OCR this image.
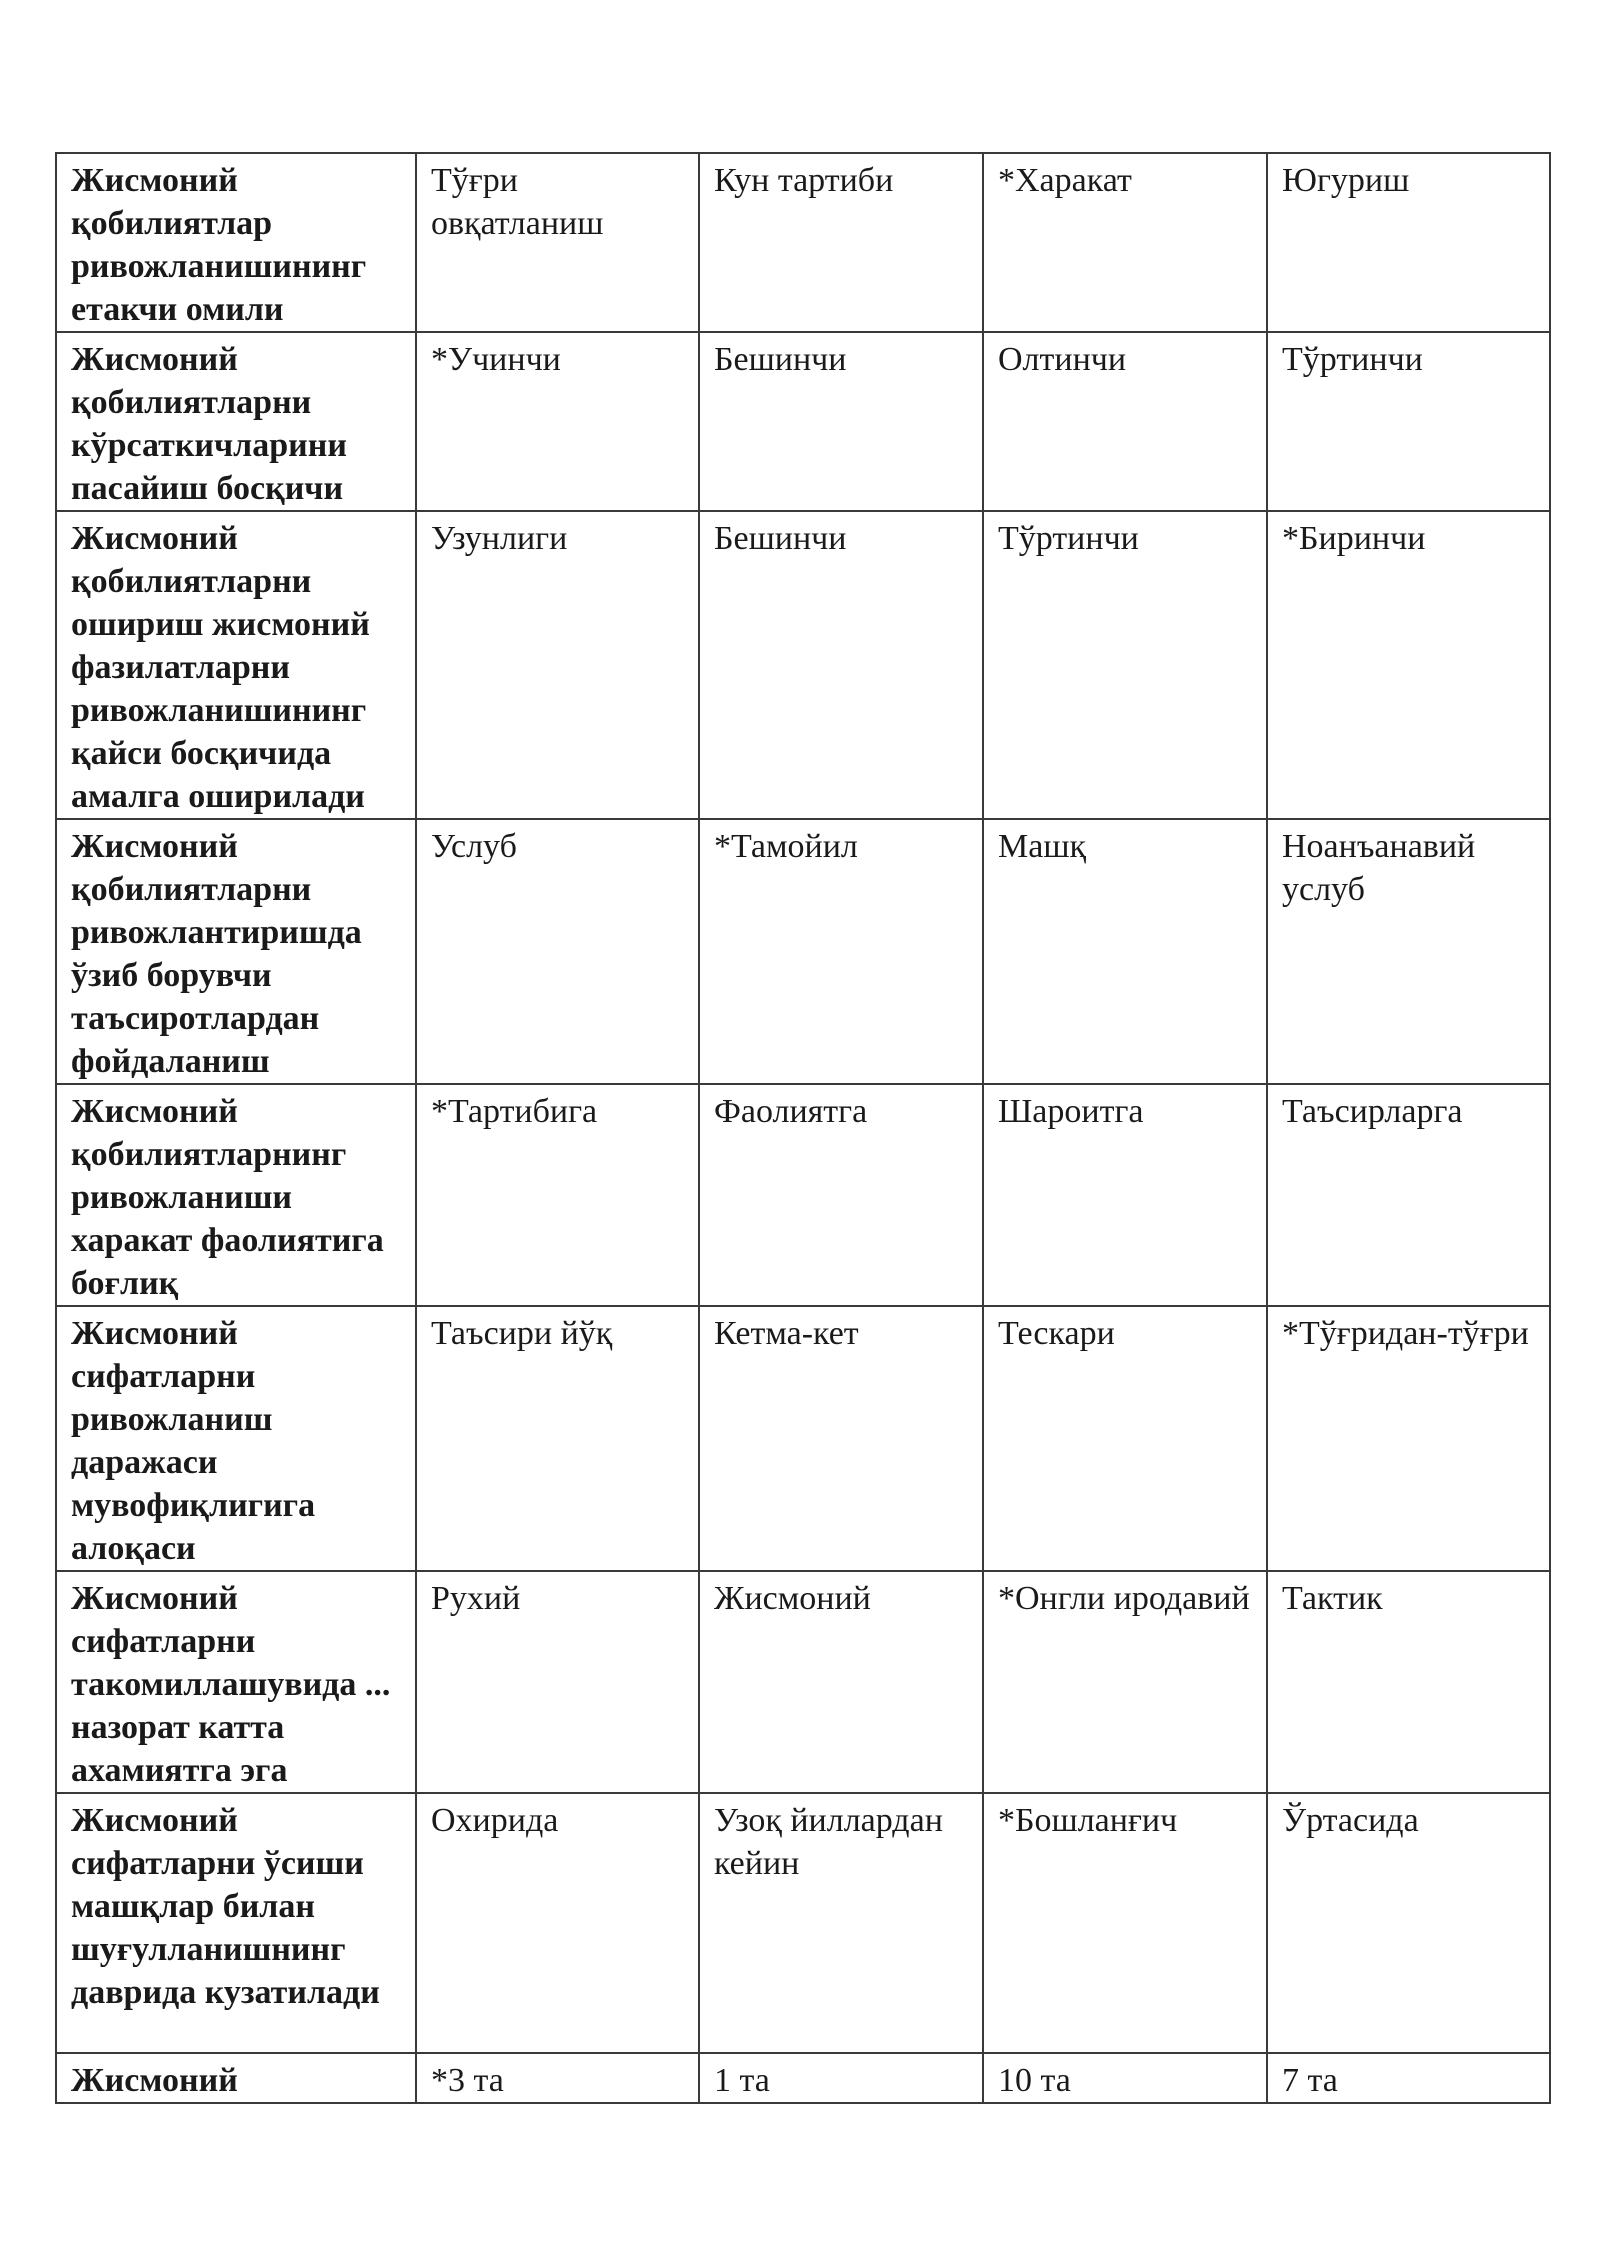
Жисмоний қобилиятлар ривожланишининг етакчи омили	Тўғри овқатланиш	Кун тартиби	*Харакат	Югуриш
Жисмоний қобилиятларни кўрсаткичларини пасайиш босқичи	*Учинчи	Бешинчи	Олтинчи	Тўртинчи
Жисмоний қобилиятларни ошириш жисмоний фазилатларни ривожланишининг қайси босқичида амалга оширилади	Узунлиги	Бешинчи	Тўртинчи	*Биринчи
Жисмоний қобилиятларни ривожлантиришда ўзиб борувчи таъсиротлардан фойдаланиш	Услуб	*Тамойил	Машқ	Ноанъанавий услуб
Жисмоний қобилиятларнинг ривожланиши харакат фаолиятига боғлиқ	*Тартибига	Фаолиятга	Шароитга	Таъсирларга
Жисмоний сифатларни ривожланиш даражаси мувофиқлигига алоқаси	Таъсири йўқ	Кетма-кет	Тескари	*Тўғридан-тўғри
Жисмоний сифатларни такомиллашувида ... назорат катта ахамиятга эга	Рухий	Жисмоний	*Онгли иродавий	Тактик
Жисмоний сифатларни ўсиши машқлар билан шуғулланишнинг даврида кузатилади	Охирида	Узоқ йиллардан кейин	*Бошланғич	Ўртасида
Жисмоний	*3 та	1 та	10 та	7 та
